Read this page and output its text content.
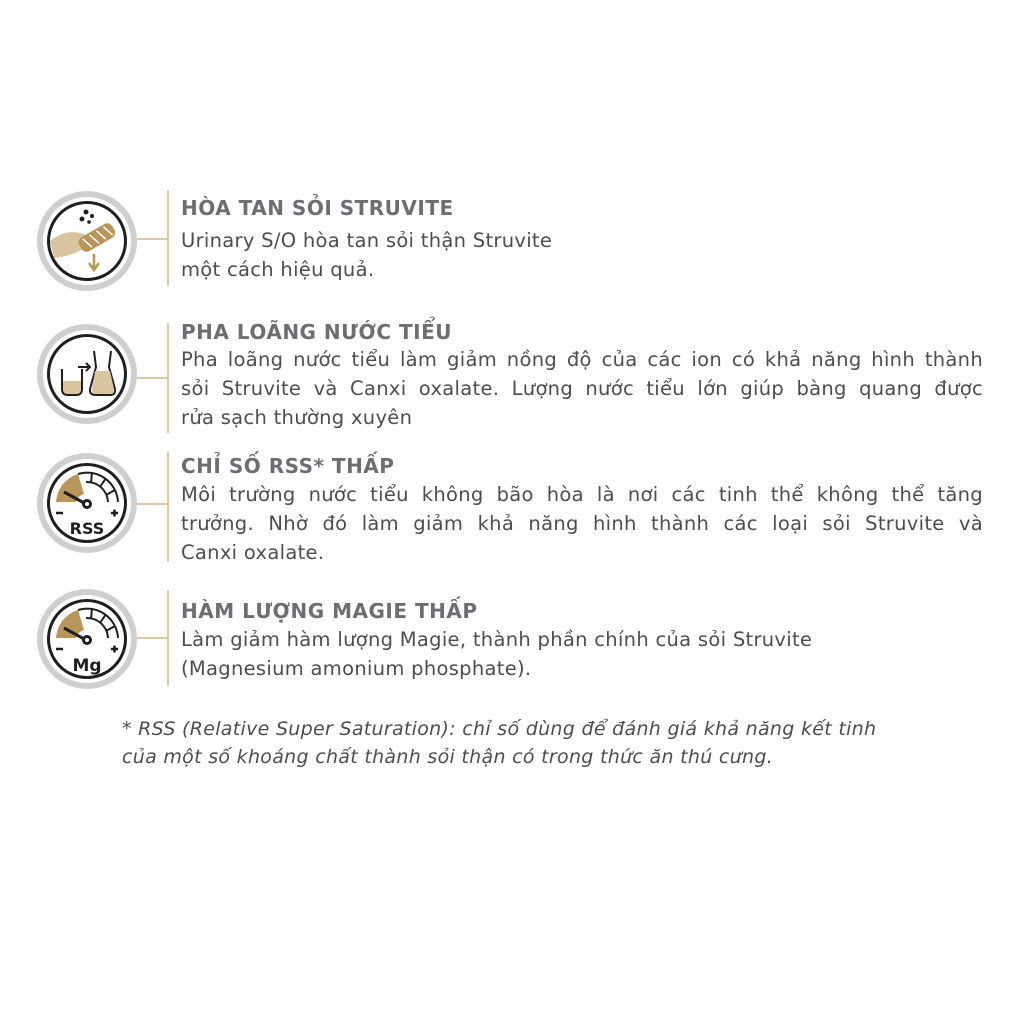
HÒA TAN SỎI STRUVITE
Urinary S/O hòa tan sỏi thận Struvite
một cách hiệu quả.
PHA LOÃNG NƯỚC TIỂU
Pha loãng nước tiểu làm giảm nồng độ của các ion có khả năng hình thành
sỏi Struvite và Canxi oxalate. Lượng nước tiểu lớn giúp bàng quang được
rửa sạch thường xuyên
RSS
CHỈ SỐ RSS* THẤP
Môi trường nước tiểu không bão hòa là nơi các tinh thể không thể tăng
trưởng. Nhờ đó làm giảm khả năng hình thành các loại sỏi Struvite và
Canxi oxalate.
Mg
HÀM LƯỢNG MAGIE THẤP
Làm giảm hàm lượng Magie, thành phần chính của sỏi Struvite
(Magnesium amonium phosphate).
* RSS (Relative Super Saturation): chỉ số dùng để đánh giá khả năng kết tinh
của một số khoáng chất thành sỏi thận có trong thức ăn thú cưng.
